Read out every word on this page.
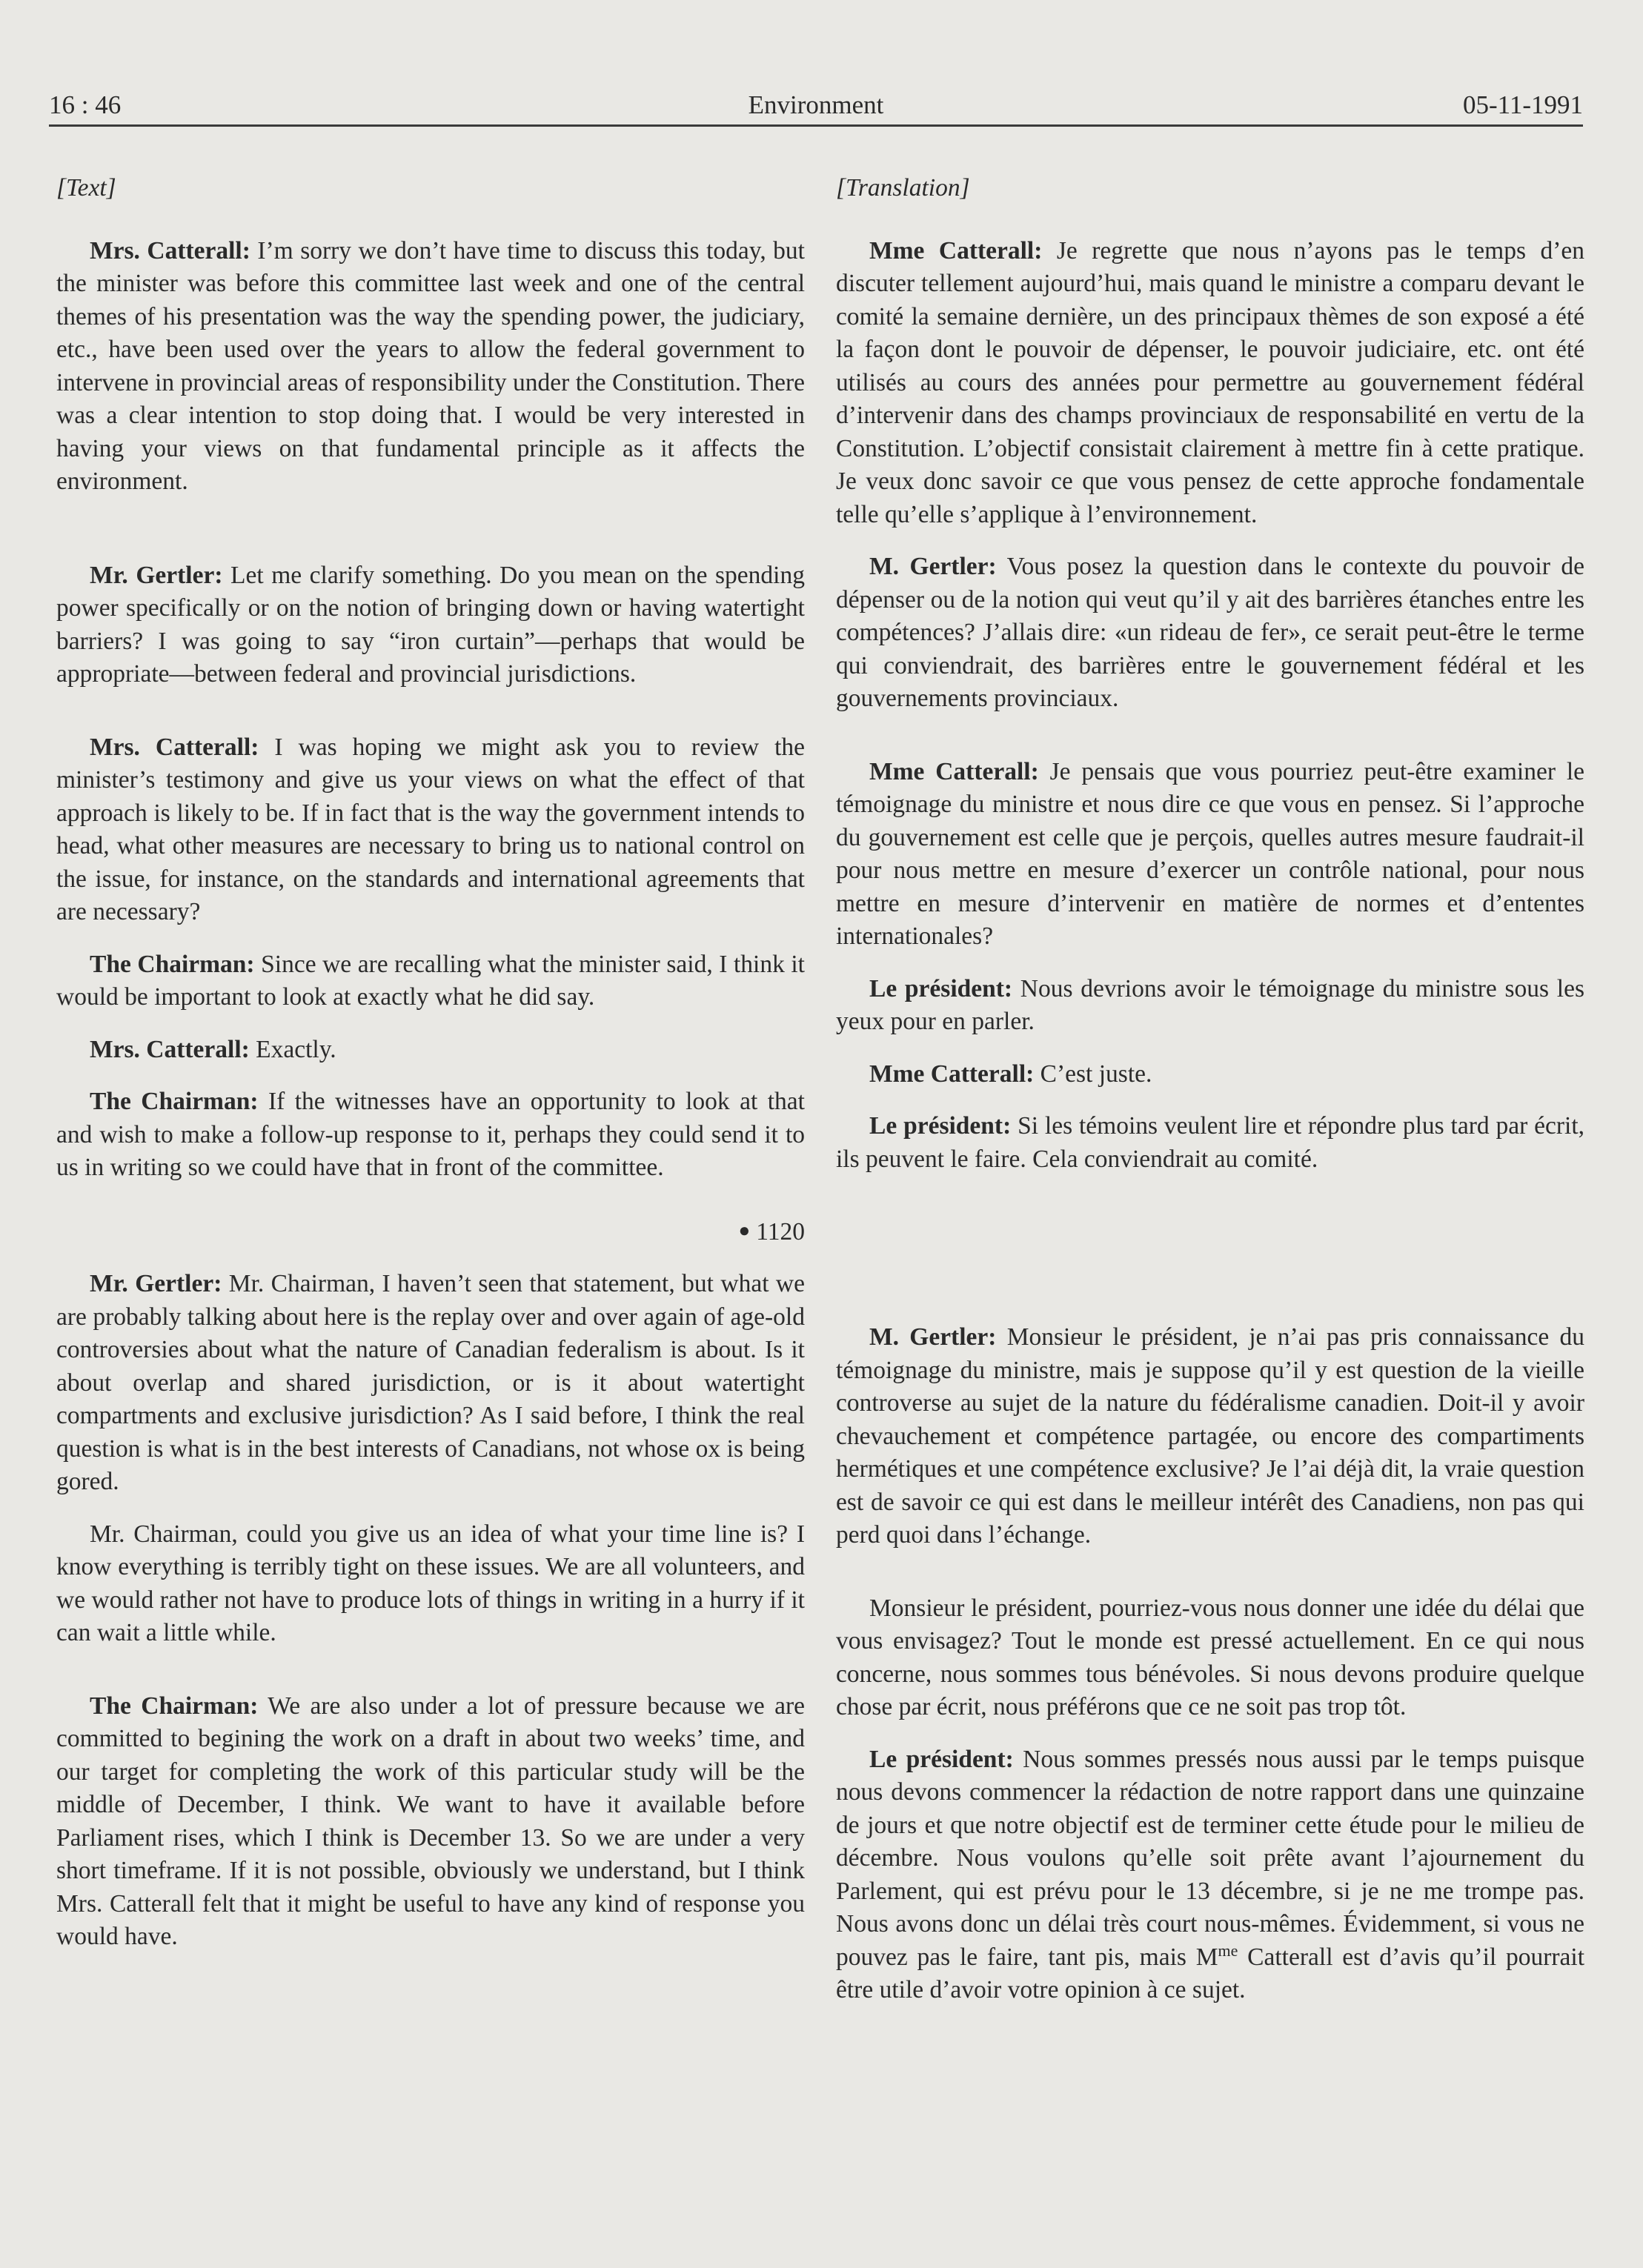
16 : 46	Environment	05-11-1991
[Text]

Mrs. Catterall: I’m sorry we don’t have time to discuss this today, but the minister was before this committee last week and one of the central themes of his presentation was the way the spending power, the judiciary, etc., have been used over the years to allow the federal government to intervene in provincial areas of responsibility under the Constitution. There was a clear intention to stop doing that. I would be very interested in having your views on that fundamental principle as it affects the environment.

Mr. Gertler: Let me clarify something. Do you mean on the spending power specifically or on the notion of bringing down or having watertight barriers? I was going to say “iron curtain”—perhaps that would be appropriate—between federal and provincial jurisdictions.

Mrs. Catterall: I was hoping we might ask you to review the minister’s testimony and give us your views on what the effect of that approach is likely to be. If in fact that is the way the government intends to head, what other measures are necessary to bring us to national control on the issue, for instance, on the standards and international agreements that are necessary?

The Chairman: Since we are recalling what the minister said, I think it would be important to look at exactly what he did say.

Mrs. Catterall: Exactly.

The Chairman: If the witnesses have an opportunity to look at that and wish to make a follow-up response to it, perhaps they could send it to us in writing so we could have that in front of the committee.

● 1120

Mr. Gertler: Mr. Chairman, I haven’t seen that statement, but what we are probably talking about here is the replay over and over again of age-old controversies about what the nature of Canadian federalism is about. Is it about overlap and shared jurisdiction, or is it about watertight compartments and exclusive jurisdiction? As I said before, I think the real question is what is in the best interests of Canadians, not whose ox is being gored.

Mr. Chairman, could you give us an idea of what your time line is? I know everything is terribly tight on these issues. We are all volunteers, and we would rather not have to produce lots of things in writing in a hurry if it can wait a little while.

The Chairman: We are also under a lot of pressure because we are committed to begining the work on a draft in about two weeks’ time, and our target for completing the work of this particular study will be the middle of December, I think. We want to have it available before Parliament rises, which I think is December 13. So we are under a very short timeframe. If it is not possible, obviously we understand, but I think Mrs. Catterall felt that it might be useful to have any kind of response you would have.

[Translation]

Mme Catterall: Je regrette que nous n’ayons pas le temps d’en discuter tellement aujourd’hui, mais quand le ministre a comparu devant le comité la semaine dernière, un des principaux thèmes de son exposé a été la façon dont le pouvoir de dépenser, le pouvoir judiciaire, etc. ont été utilisés au cours des années pour permettre au gouvernement fédéral d’intervenir dans des champs provinciaux de responsabilité en vertu de la Constitution. L’objectif consistait clairement à mettre fin à cette pratique. Je veux donc savoir ce que vous pensez de cette approche fondamentale telle qu’elle s’applique à l’environnement.

M. Gertler: Vous posez la question dans le contexte du pouvoir de dépenser ou de la notion qui veut qu’il y ait des barrières étanches entre les compétences? J’allais dire: «un rideau de fer», ce serait peut-être le terme qui conviendrait, des barrières entre le gouvernement fédéral et les gouvernements provinciaux.

Mme Catterall: Je pensais que vous pourriez peut-être examiner le témoignage du ministre et nous dire ce que vous en pensez. Si l’approche du gouvernement est celle que je perçois, quelles autres mesure faudrait-il pour nous mettre en mesure d’exercer un contrôle national, pour nous mettre en mesure d’intervenir en matière de normes et d’ententes internationales?

Le président: Nous devrions avoir le témoignage du ministre sous les yeux pour en parler.

Mme Catterall: C’est juste.

Le président: Si les témoins veulent lire et répondre plus tard par écrit, ils peuvent le faire. Cela conviendrait au comité.

M. Gertler: Monsieur le président, je n’ai pas pris connaissance du témoignage du ministre, mais je suppose qu’il y est question de la vieille controverse au sujet de la nature du fédéralisme canadien. Doit-il y avoir chevauchement et compétence partagée, ou encore des compartiments hermétiques et une compétence exclusive? Je l’ai déjà dit, la vraie question est de savoir ce qui est dans le meilleur intérêt des Canadiens, non pas qui perd quoi dans l’échange.

Monsieur le président, pourriez-vous nous donner une idée du délai que vous envisagez? Tout le monde est pressé actuellement. En ce qui nous concerne, nous sommes tous bénévoles. Si nous devons produire quelque chose par écrit, nous préférons que ce ne soit pas trop tôt.

Le président: Nous sommes pressés nous aussi par le temps puisque nous devons commencer la rédaction de notre rapport dans une quinzaine de jours et que notre objectif est de terminer cette étude pour le milieu de décembre. Nous voulons qu’elle soit prête avant l’ajournement du Parlement, qui est prévu pour le 13 décembre, si je ne me trompe pas. Nous avons donc un délai très court nous-mêmes. Évidemment, si vous ne pouvez pas le faire, tant pis, mais $M^{me}$ Catterall est d’avis qu’il pourrait être utile d’avoir votre opinion à ce sujet.
